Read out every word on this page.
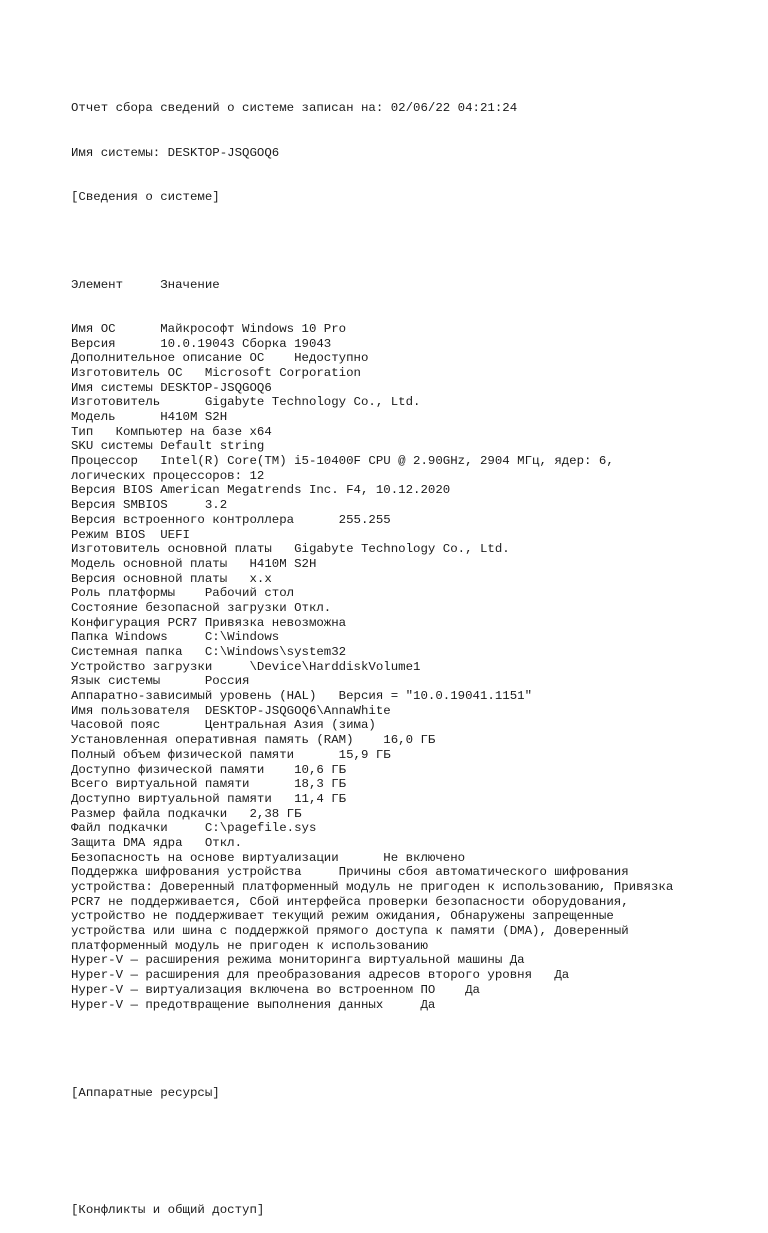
Отчет сбора сведений о системе записан на: 02/06/22 04:21:24

Имя системы: DESKTOP-JSQGOQ6

[Сведения о системе]

Элемент     Значение

Имя ОС      Майкрософт Windows 10 Pro
Версия      10.0.19043 Сборка 19043
Дополнительное описание ОС    Недоступно
Изготовитель ОС   Microsoft Corporation
Имя системы DESKTOP-JSQGOQ6
Изготовитель      Gigabyte Technology Co., Ltd.
Модель      H410M S2H
Тип   Компьютер на базе x64
SKU системы Default string
Процессор   Intel(R) Core(TM) i5-10400F CPU @ 2.90GHz, 2904 МГц, ядер: 6,
логических процессоров: 12
Версия BIOS American Megatrends Inc. F4, 10.12.2020
Версия SMBIOS     3.2
Версия встроенного контроллера      255.255
Режим BIOS  UEFI
Изготовитель основной платы   Gigabyte Technology Co., Ltd.
Модель основной платы   H410M S2H
Версия основной платы   x.x
Роль платформы    Рабочий стол
Состояние безопасной загрузки Откл.
Конфигурация PCR7 Привязка невозможна
Папка Windows     C:\Windows
Системная папка   C:\Windows\system32
Устройство загрузки     \Device\HarddiskVolume1
Язык системы      Россия
Аппаратно-зависимый уровень (HAL)   Версия = "10.0.19041.1151"
Имя пользователя  DESKTOP-JSQGOQ6\AnnaWhite
Часовой пояс      Центральная Азия (зима)
Установленная оперативная память (RAM)    16,0 ГБ
Полный объем физической памяти      15,9 ГБ
Доступно физической памяти    10,6 ГБ
Всего виртуальной памяти      18,3 ГБ
Доступно виртуальной памяти   11,4 ГБ
Размер файла подкачки   2,38 ГБ
Файл подкачки     C:\pagefile.sys
Защита DMA ядра   Откл.
Безопасность на основе виртуализации      Не включено
Поддержка шифрования устройства     Причины сбоя автоматического шифрования
устройства: Доверенный платформенный модуль не пригоден к использованию, Привязка
PCR7 не поддерживается, Сбой интерфейса проверки безопасности оборудования,
устройство не поддерживает текущий режим ожидания, Обнаружены запрещенные
устройства или шина с поддержкой прямого доступа к памяти (DMA), Доверенный
платформенный модуль не пригоден к использованию
Hyper-V — расширения режима мониторинга виртуальной машины Да
Hyper-V — расширения для преобразования адресов второго уровня   Да
Hyper-V — виртуализация включена во встроенном ПО    Да
Hyper-V — предотвращение выполнения данных     Да

[Аппаратные ресурсы]

[Конфликты и общий доступ]
